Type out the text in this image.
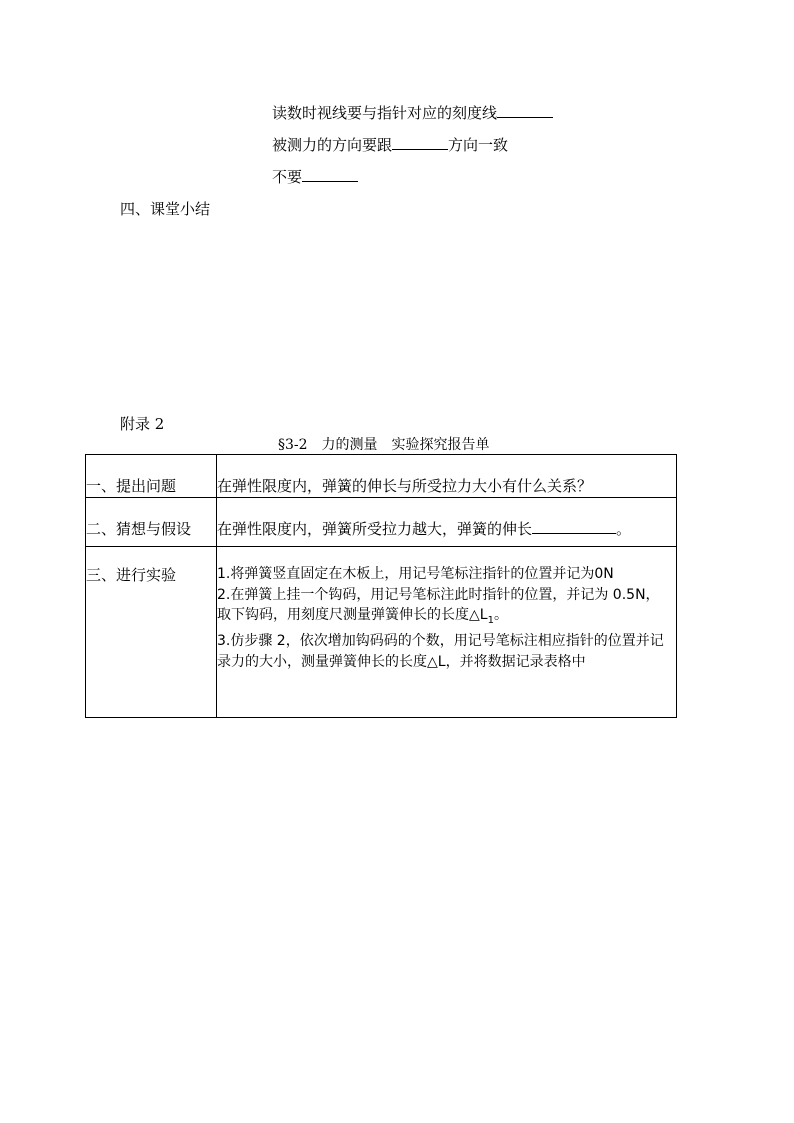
读数时视线要与指针对应的刻度线
被测力的方向要跟	方向一致
不要
四、课堂小结
附录 2
§3-2　力的测量　实验探究报告单
一、提出问题	在弹性限度内，弹簧的伸长与所受拉力大小有什么关系？

二、猜想与假设	在弹性限度内，弹簧所受拉力越大，弹簧的伸长 。

三、进行实验	1.将弹簧竖直固定在木板上，用记号笔标注指针的位置并记为0N
2.在弹簧上挂一个钩码，用记号笔标注此时指针的位置，并记为 0.5N，取下钩码，用刻度尺测量弹簧伸长的长度$\triangle L_1$。
3.仿步骤 2，依次增加钩码码的个数，用记号笔标注相应指针的位置并记录力的大小，测量弹簧伸长的长度△L，并将数据记录表格中
